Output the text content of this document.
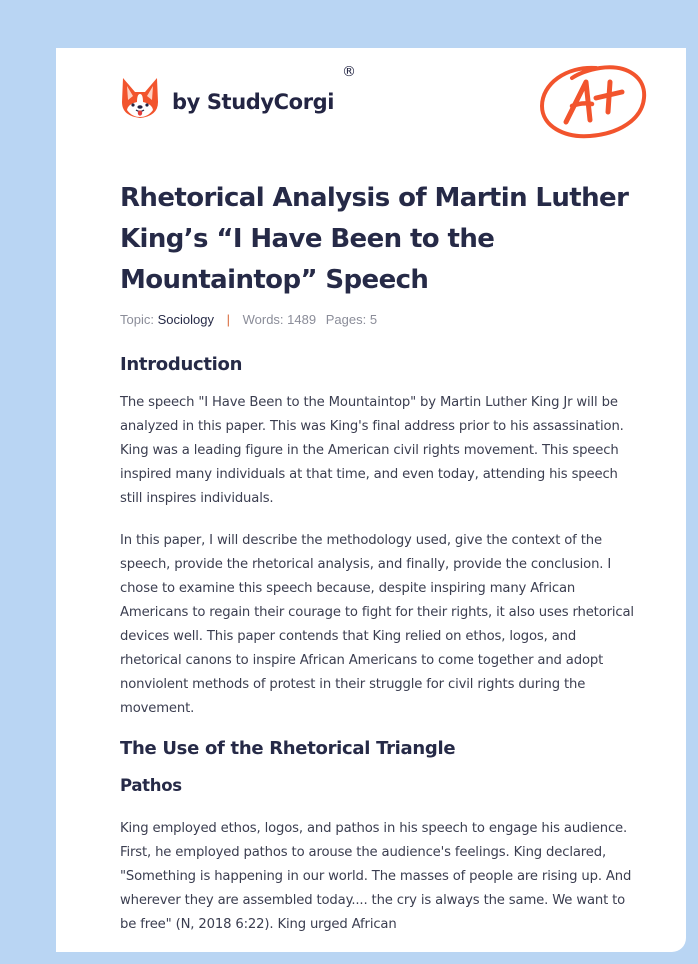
by StudyCorgi
®
Rhetorical Analysis of Martin Luther King’s “I Have Been to the Mountaintop” Speech
Topic: Sociology | Words: 1489 Pages: 5
Introduction

The speech "I Have Been to the Mountaintop" by Martin Luther King Jr will be analyzed in this paper. This was King's final address prior to his assassination. King was a leading figure in the American civil rights movement. This speech inspired many individuals at that time, and even today, attending his speech still inspires individuals.

In this paper, I will describe the methodology used, give the context of the speech, provide the rhetorical analysis, and finally, provide the conclusion. I chose to examine this speech because, despite inspiring many African Americans to regain their courage to fight for their rights, it also uses rhetorical devices well. This paper contends that King relied on ethos, logos, and rhetorical canons to inspire African Americans to come together and adopt nonviolent methods of protest in their struggle for civil rights during the movement.

The Use of the Rhetorical Triangle
Pathos

King employed ethos, logos, and pathos in his speech to engage his audience. First, he employed pathos to arouse the audience's feelings. King declared, "Something is happening in our world. The masses of people are rising up. And wherever they are assembled today.... the cry is always the same. We want to be free" (N, 2018 6:22). King urged African
